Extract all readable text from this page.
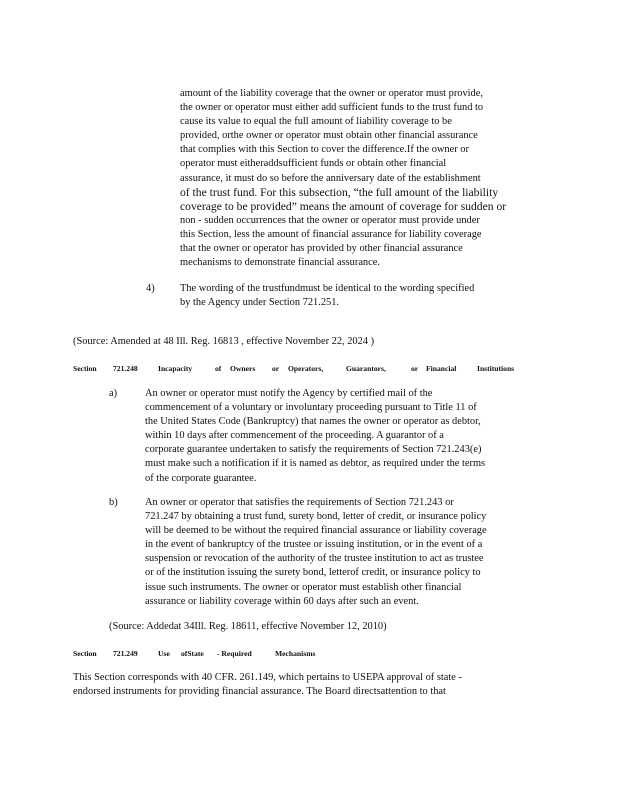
amount of the liability coverage that the owner or operator must provide,
the owner or operator must either add sufficient funds to the trust fund to
cause its value to equal the full amount of liability coverage to be
provided, orthe owner or operator must obtain other financial assurance
that complies with this Section to cover the difference.If the owner or
operator must eitheraddsufficient funds or obtain other financial
assurance, it must do so before the anniversary date of the establishment
of the trust fund. For this subsection, “the full amount of the liability
coverage to be provided” means the amount of coverage for sudden or
non - sudden occurrences that the owner or operator must provide under
this Section, less the amount of financial assurance for liability coverage
that the owner or operator has provided by other financial assurance
mechanisms to demonstrate financial assurance.
4) The wording of the trustfundmust be identical to the wording specified
by the Agency under Section 721.251.
(Source: Amended at 48 Ill. Reg. 16813 , effective November 22, 2024 )
Section 721.248	Incapacity	of Owners or Operators,	Guarantors,	or Financial	Institutions
a)	An owner or operator must notify the Agency by certified mail of the
commencement of a voluntary or involuntary proceeding pursuant to Title 11 of
the United States Code (Bankruptcy) that names the owner or operator as debtor,
within 10 days after commencement of the proceeding. A guarantor of a
corporate guarantee undertaken to satisfy the requirements of Section 721.243(e)
must make such a notification if it is named as debtor, as required under the terms
of the corporate guarantee.
b)	An owner or operator that satisfies the requirements of Section 721.243 or
721.247 by obtaining a trust fund, surety bond, letter of credit, or insurance policy
will be deemed to be without the required financial assurance or liability coverage
in the event of bankruptcy of the trustee or issuing institution, or in the event of a
suspension or revocation of the authority of the trustee institution to act as trustee
or of the institution issuing the surety bond, letterof credit, or insurance policy to
issue such instruments. The owner or operator must establish other financial
assurance or liability coverage within 60 days after such an event.
(Source: Addedat 34Ill. Reg. 18611, effective November 12, 2010)
Section 721.249	Use ofState - Required	Mechanisms
This Section corresponds with 40 CFR. 261.149, which pertains to USEPA approval of state -
endorsed instruments for providing financial assurance. The Board directsattention to that
